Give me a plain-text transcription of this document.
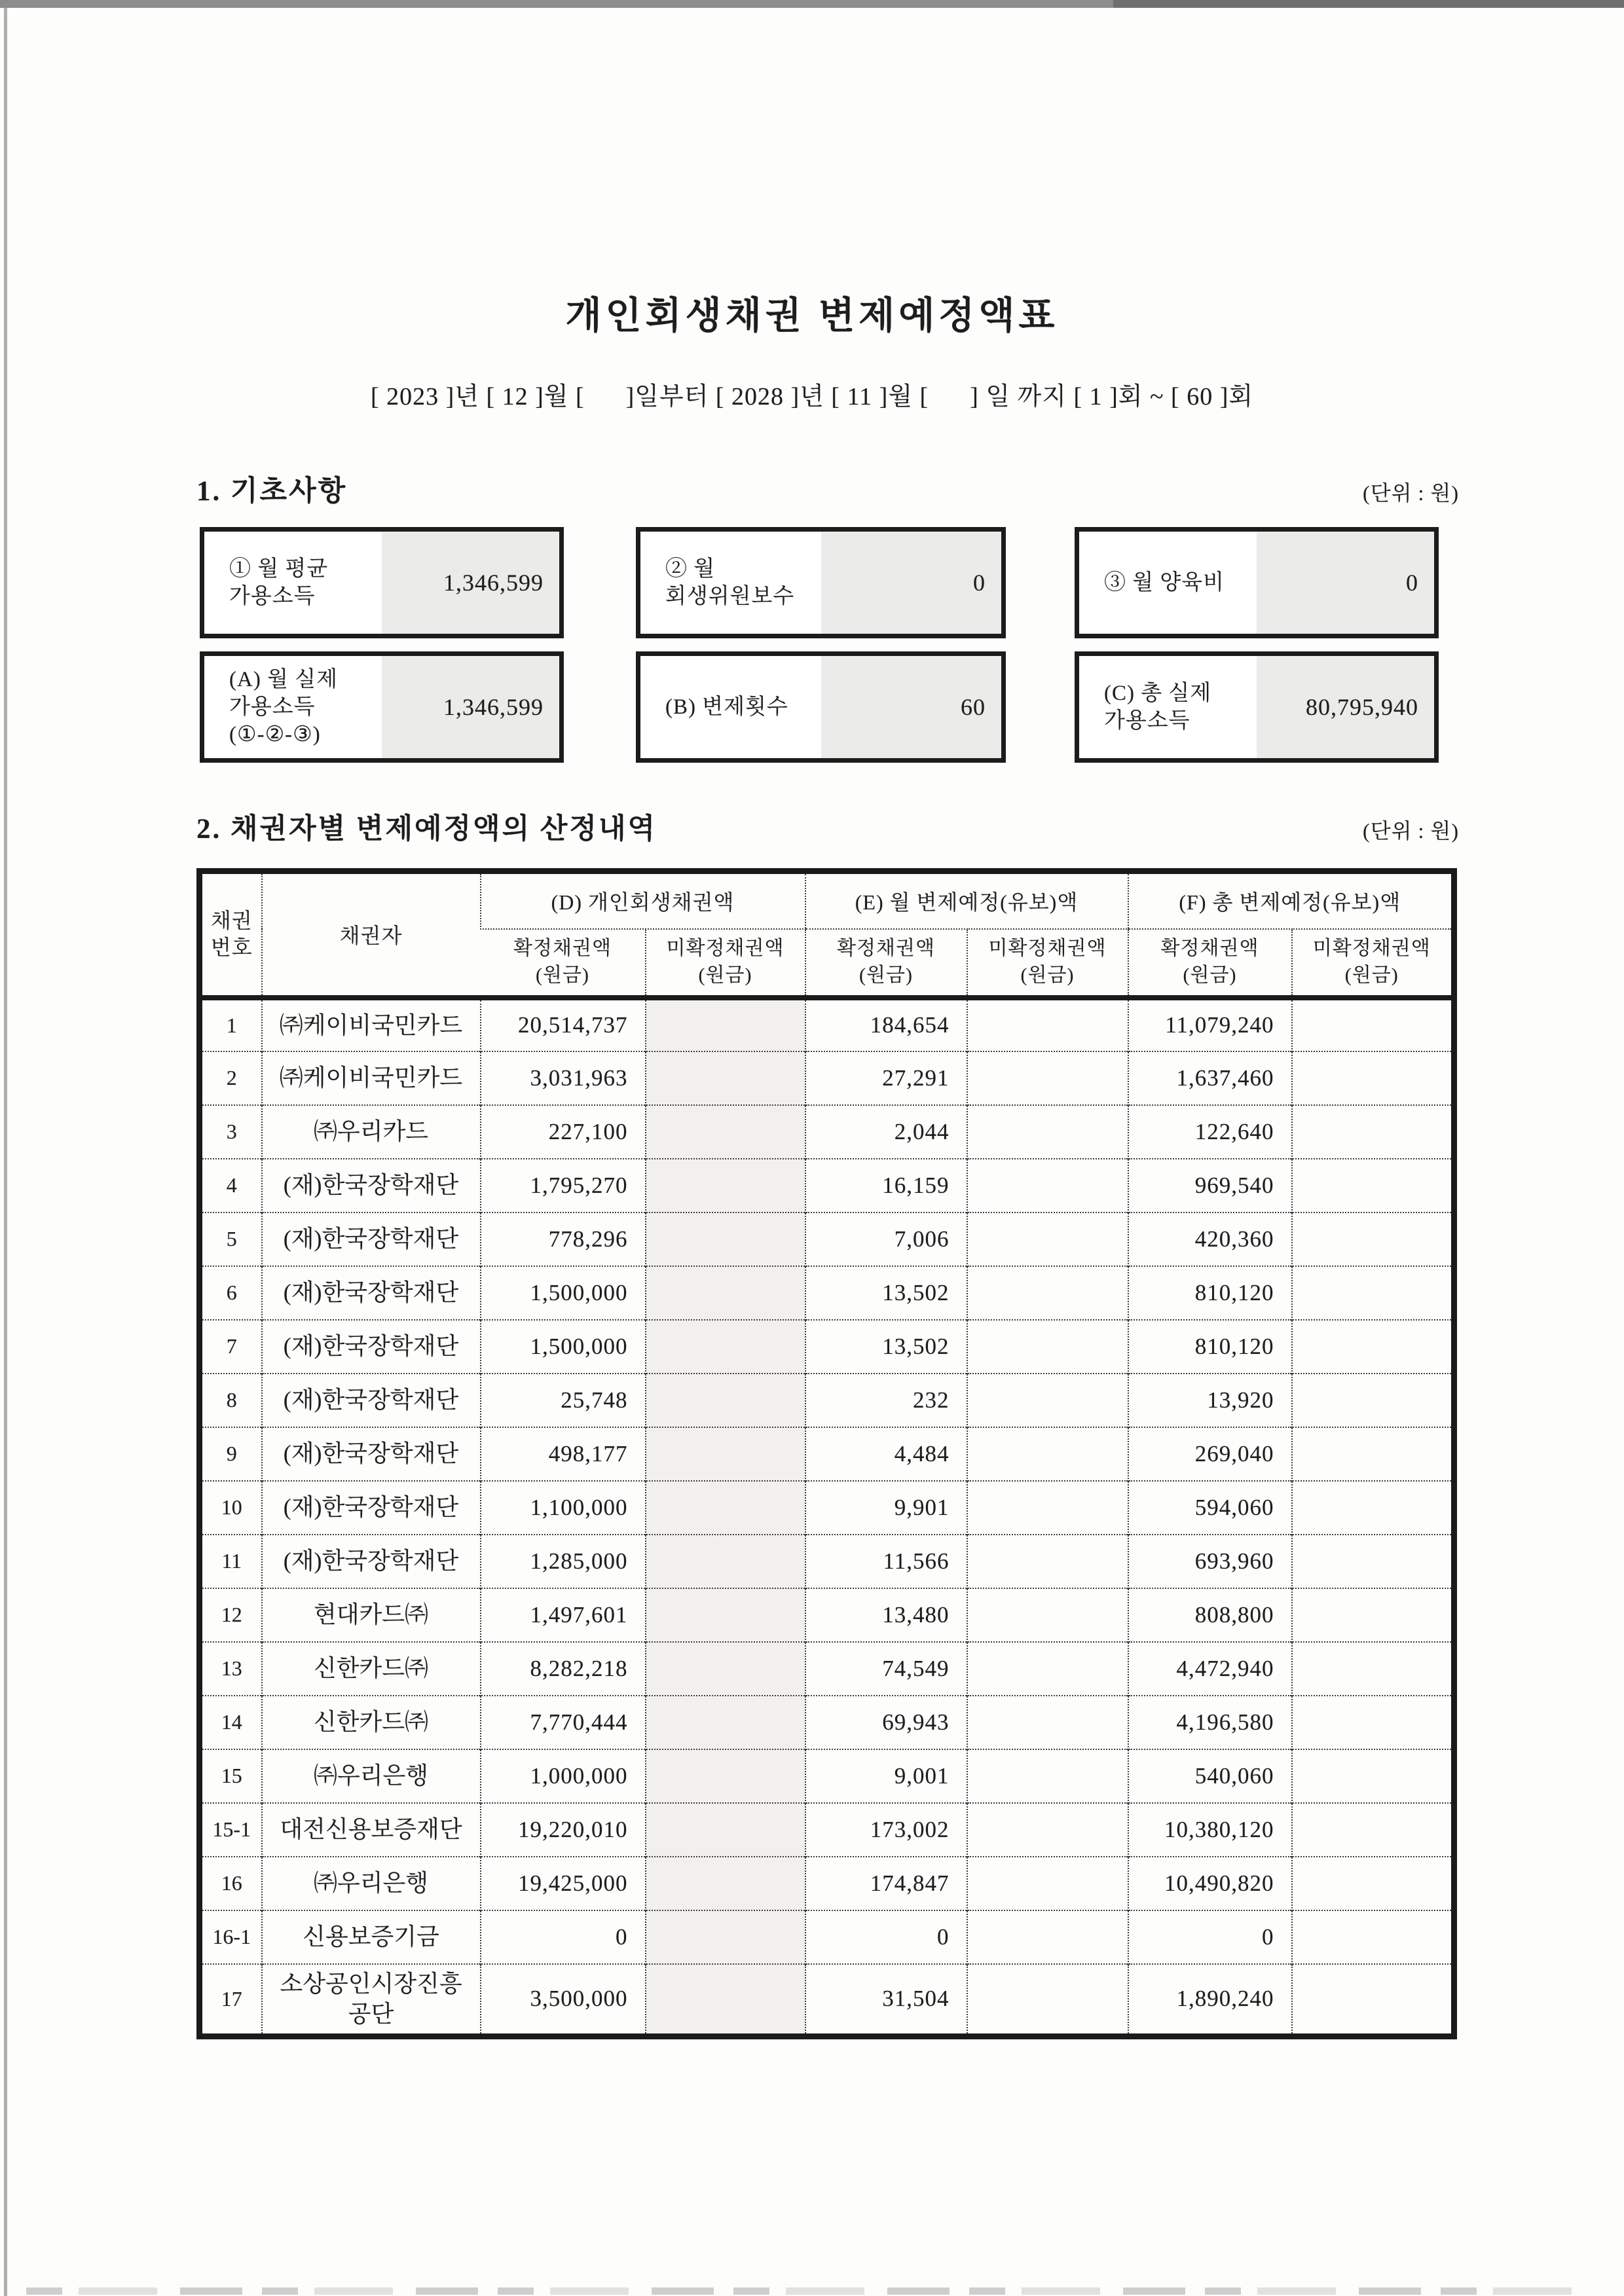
개인회생채권 변제예정액표
[ 2023 ]년 [ 12 ]월 [      ]일부터 [ 2028 ]년 [ 11 ]월 [      ] 일 까지 [ 1 ]회 ~ [ 60 ]회
1. 기초사항	(단위 : 원)
① 월 평균
가용소득
1,346,599
② 월
회생위원보수
0	③ 월 양육비	0
(A) 월 실제
가용소득
(①-②-③)
1,346,599	(B) 변제횟수	60
(C) 총 실제
가용소득
80,795,940
2. 채권자별 변제예정액의 산정내역	(단위 : 원)
채권
번호	채권자	(D) 개인회생채권액		(E) 월 변제예정(유보)액		(F) 총 변제예정(유보)액	

		확정채권액
(원금)	미확정채권액
(원금)	확정채권액
(원금)	미확정채권액
(원금)	확정채권액
(원금)	미확정채권액
(원금)

1	㈜케이비국민카드	20,514,737		184,654		11,079,240	
2	㈜케이비국민카드	3,031,963		27,291		1,637,460	
3	㈜우리카드	227,100		2,044		122,640	
4	(재)한국장학재단	1,795,270		16,159		969,540	
5	(재)한국장학재단	778,296		7,006		420,360	
6	(재)한국장학재단	1,500,000		13,502		810,120	
7	(재)한국장학재단	1,500,000		13,502		810,120	
8	(재)한국장학재단	25,748		232		13,920	
9	(재)한국장학재단	498,177		4,484		269,040	
10	(재)한국장학재단	1,100,000		9,901		594,060	
11	(재)한국장학재단	1,285,000		11,566		693,960	
12	현대카드㈜	1,497,601		13,480		808,800	
13	신한카드㈜	8,282,218		74,549		4,472,940	
14	신한카드㈜	7,770,444		69,943		4,196,580	
15	㈜우리은행	1,000,000		9,001		540,060	
15-1	대전신용보증재단	19,220,010		173,002		10,380,120	
16	㈜우리은행	19,425,000		174,847		10,490,820	
16-1	신용보증기금	0		0		0	
17	소상공인시장진흥공단	3,500,000		31,504		1,890,240	
